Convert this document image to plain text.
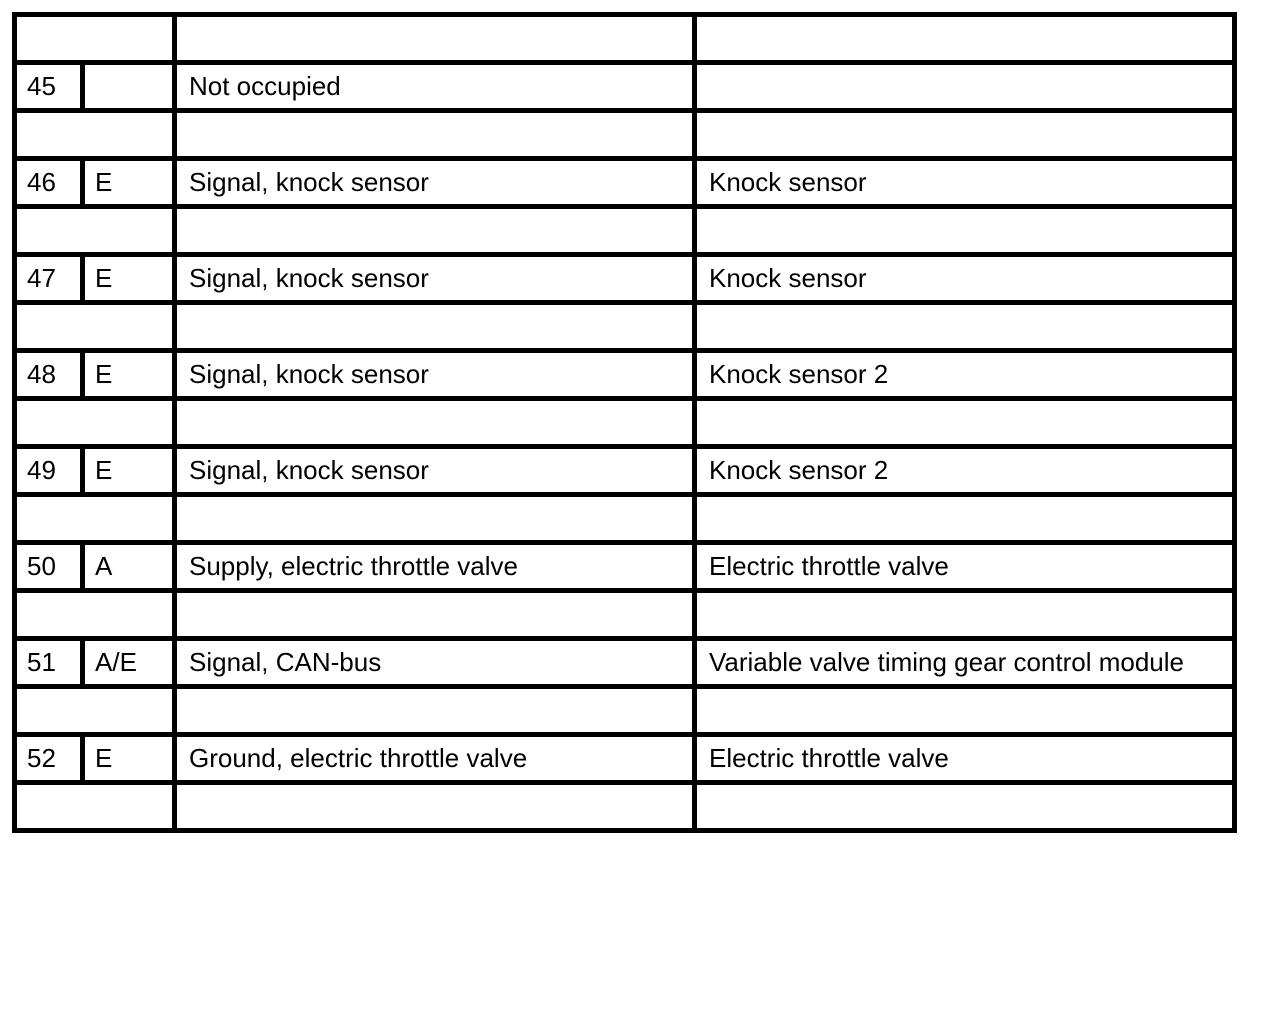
45		Not occupied	

46	E	Signal, knock sensor	Knock sensor

47	E	Signal, knock sensor	Knock sensor

48	E	Signal, knock sensor	Knock sensor 2

49	E	Signal, knock sensor	Knock sensor 2

50	A	Supply, electric throttle valve	Electric throttle valve

51	A/E	Signal, CAN-bus	Variable valve timing gear control module

52	E	Ground, electric throttle valve	Electric throttle valve
